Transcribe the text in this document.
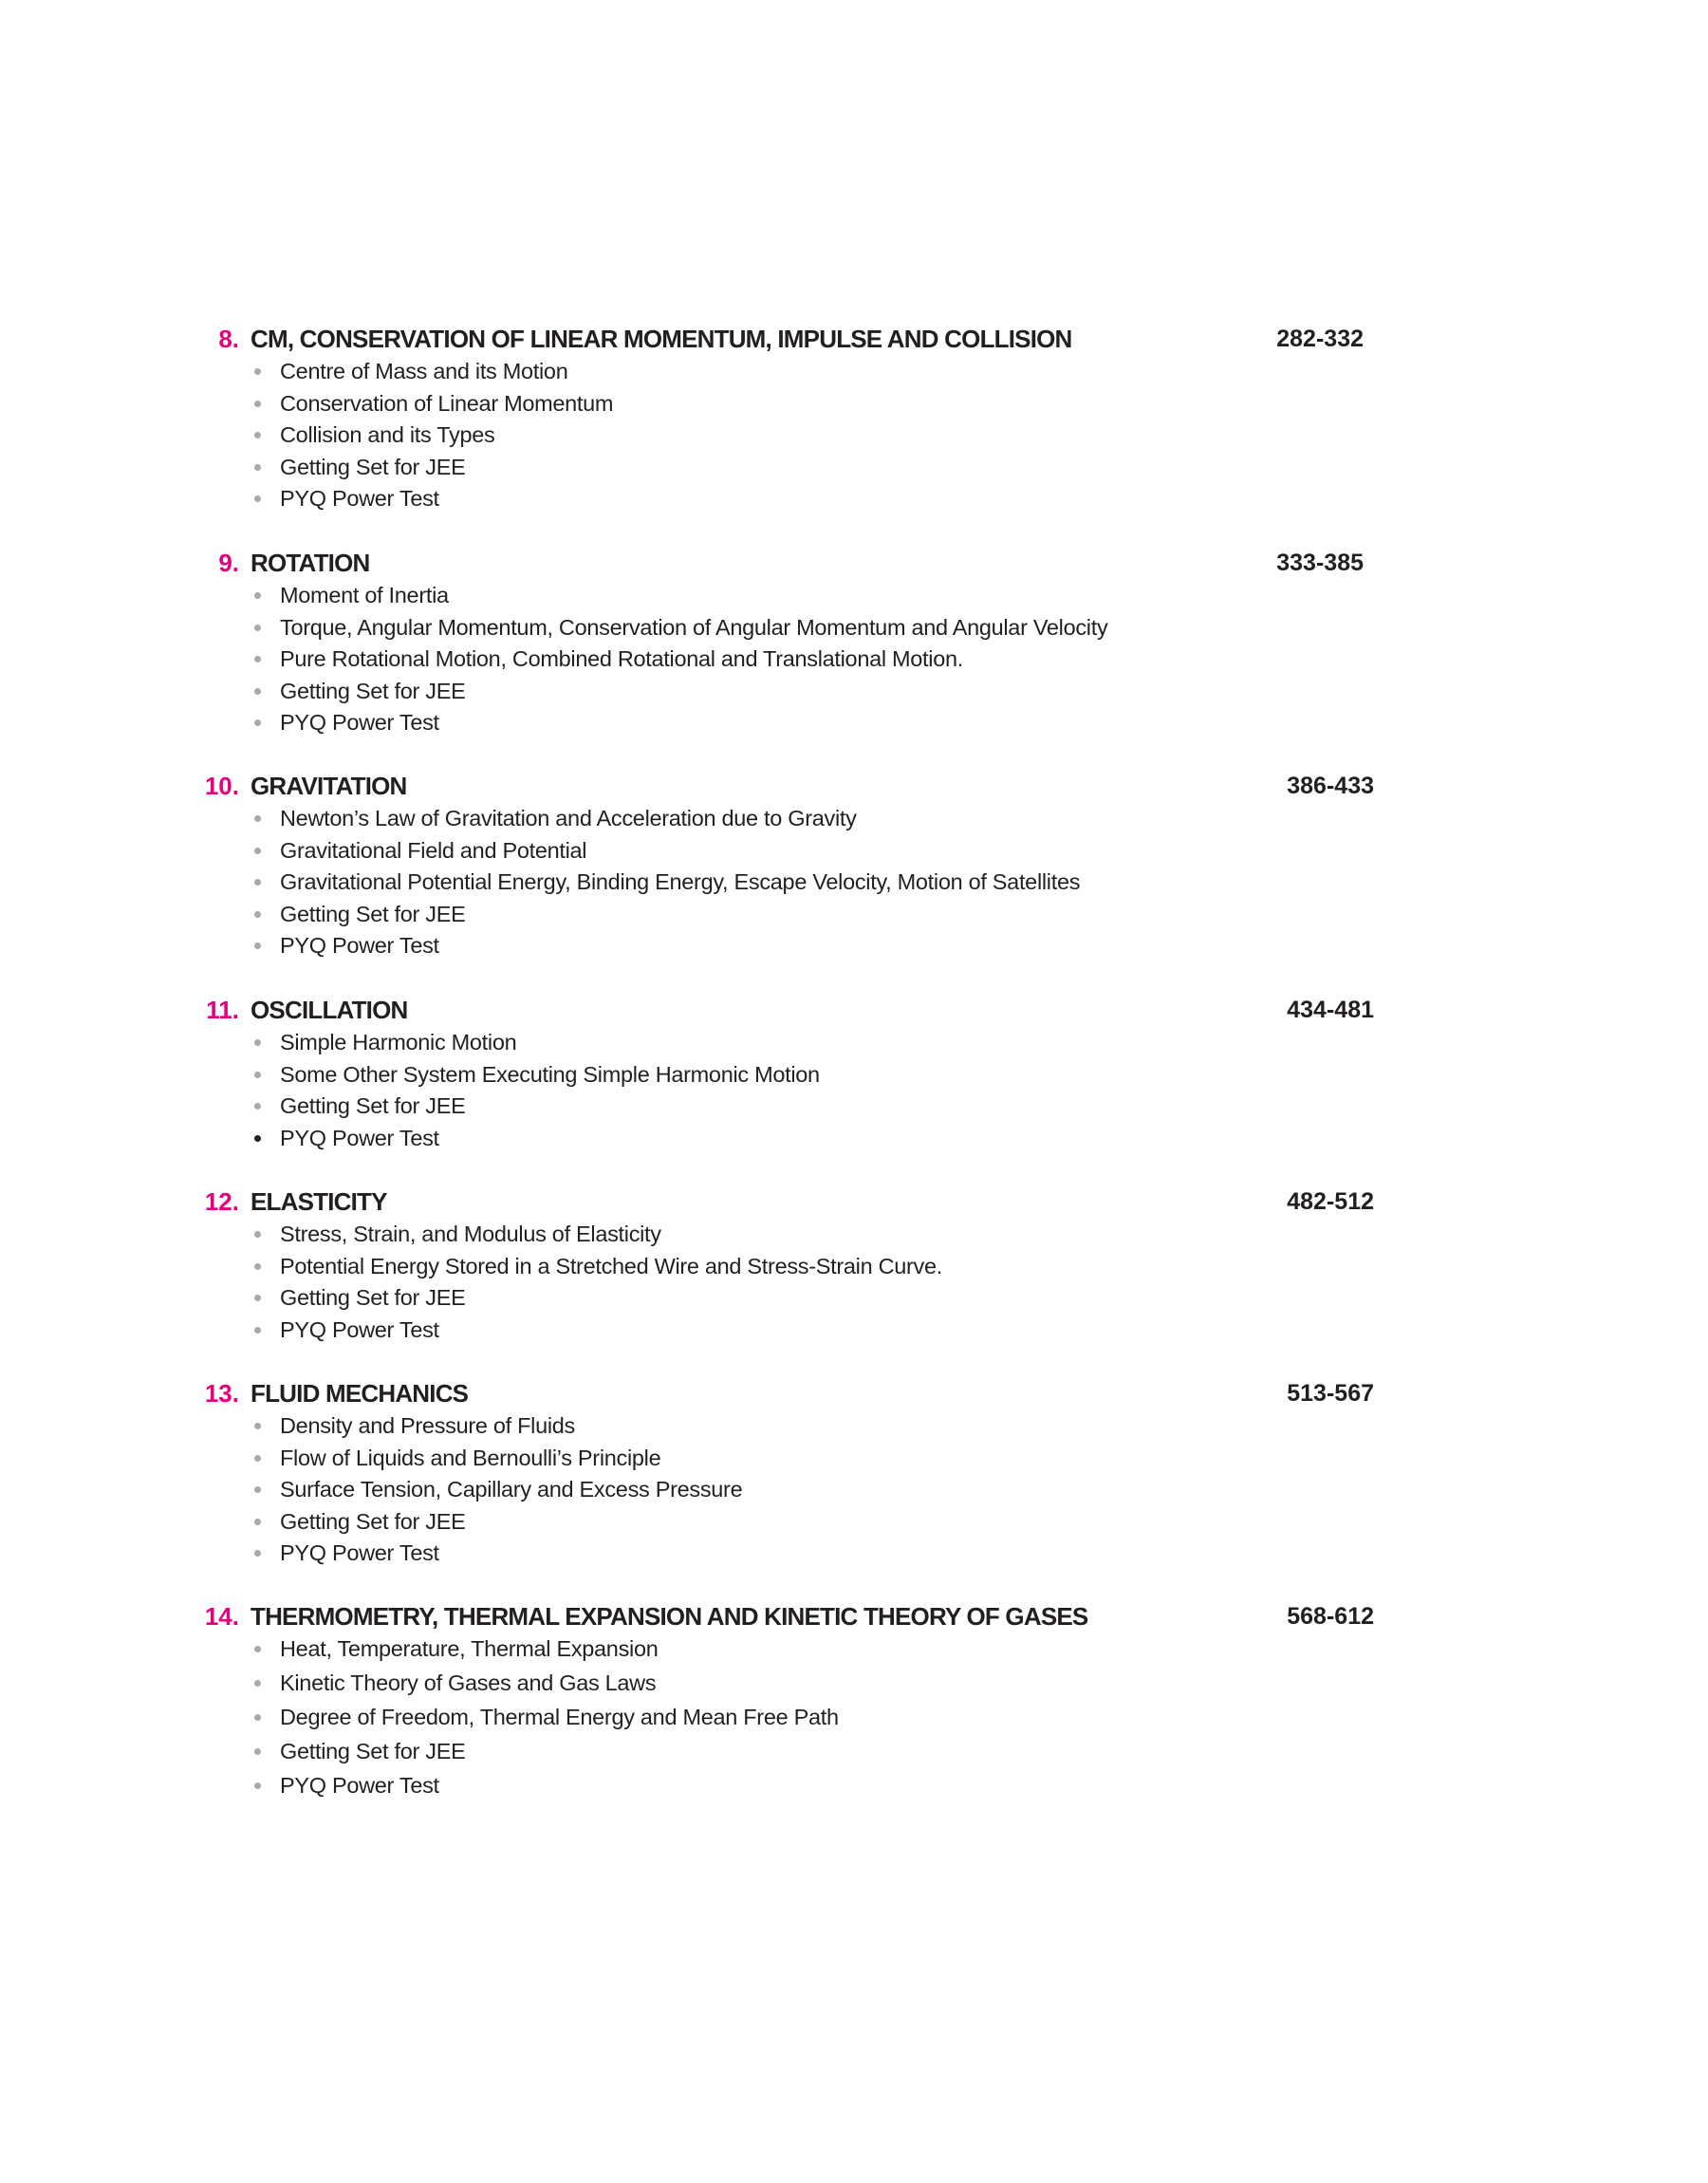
8. CM, CONSERVATION OF LINEAR MOMENTUM, IMPULSE AND COLLISION	282-332
Centre of Mass and its Motion
Conservation of Linear Momentum
Collision and its Types
Getting Set for JEE
PYQ Power Test
9. ROTATION	333-385
Moment of Inertia
Torque, Angular Momentum, Conservation of Angular Momentum and Angular Velocity
Pure Rotational Motion, Combined Rotational and Translational Motion.
Getting Set for JEE
PYQ Power Test
10. GRAVITATION	386-433
Newton’s Law of Gravitation and Acceleration due to Gravity
Gravitational Field and Potential
Gravitational Potential Energy, Binding Energy, Escape Velocity, Motion of Satellites
Getting Set for JEE
PYQ Power Test
11. OSCILLATION	434-481
Simple Harmonic Motion
Some Other System Executing Simple Harmonic Motion
Getting Set for JEE
PYQ Power Test
12. ELASTICITY	482-512
Stress, Strain, and Modulus of Elasticity
Potential Energy Stored in a Stretched Wire and Stress-Strain Curve.
Getting Set for JEE
PYQ Power Test
13. FLUID MECHANICS	513-567
Density and Pressure of Fluids
Flow of Liquids and Bernoulli’s Principle
Surface Tension, Capillary and Excess Pressure
Getting Set for JEE
PYQ Power Test
14. THERMOMETRY, THERMAL EXPANSION AND KINETIC THEORY OF GASES	568-612
Heat, Temperature, Thermal Expansion
Kinetic Theory of Gases and Gas Laws
Degree of Freedom, Thermal Energy and Mean Free Path
Getting Set for JEE
PYQ Power Test
